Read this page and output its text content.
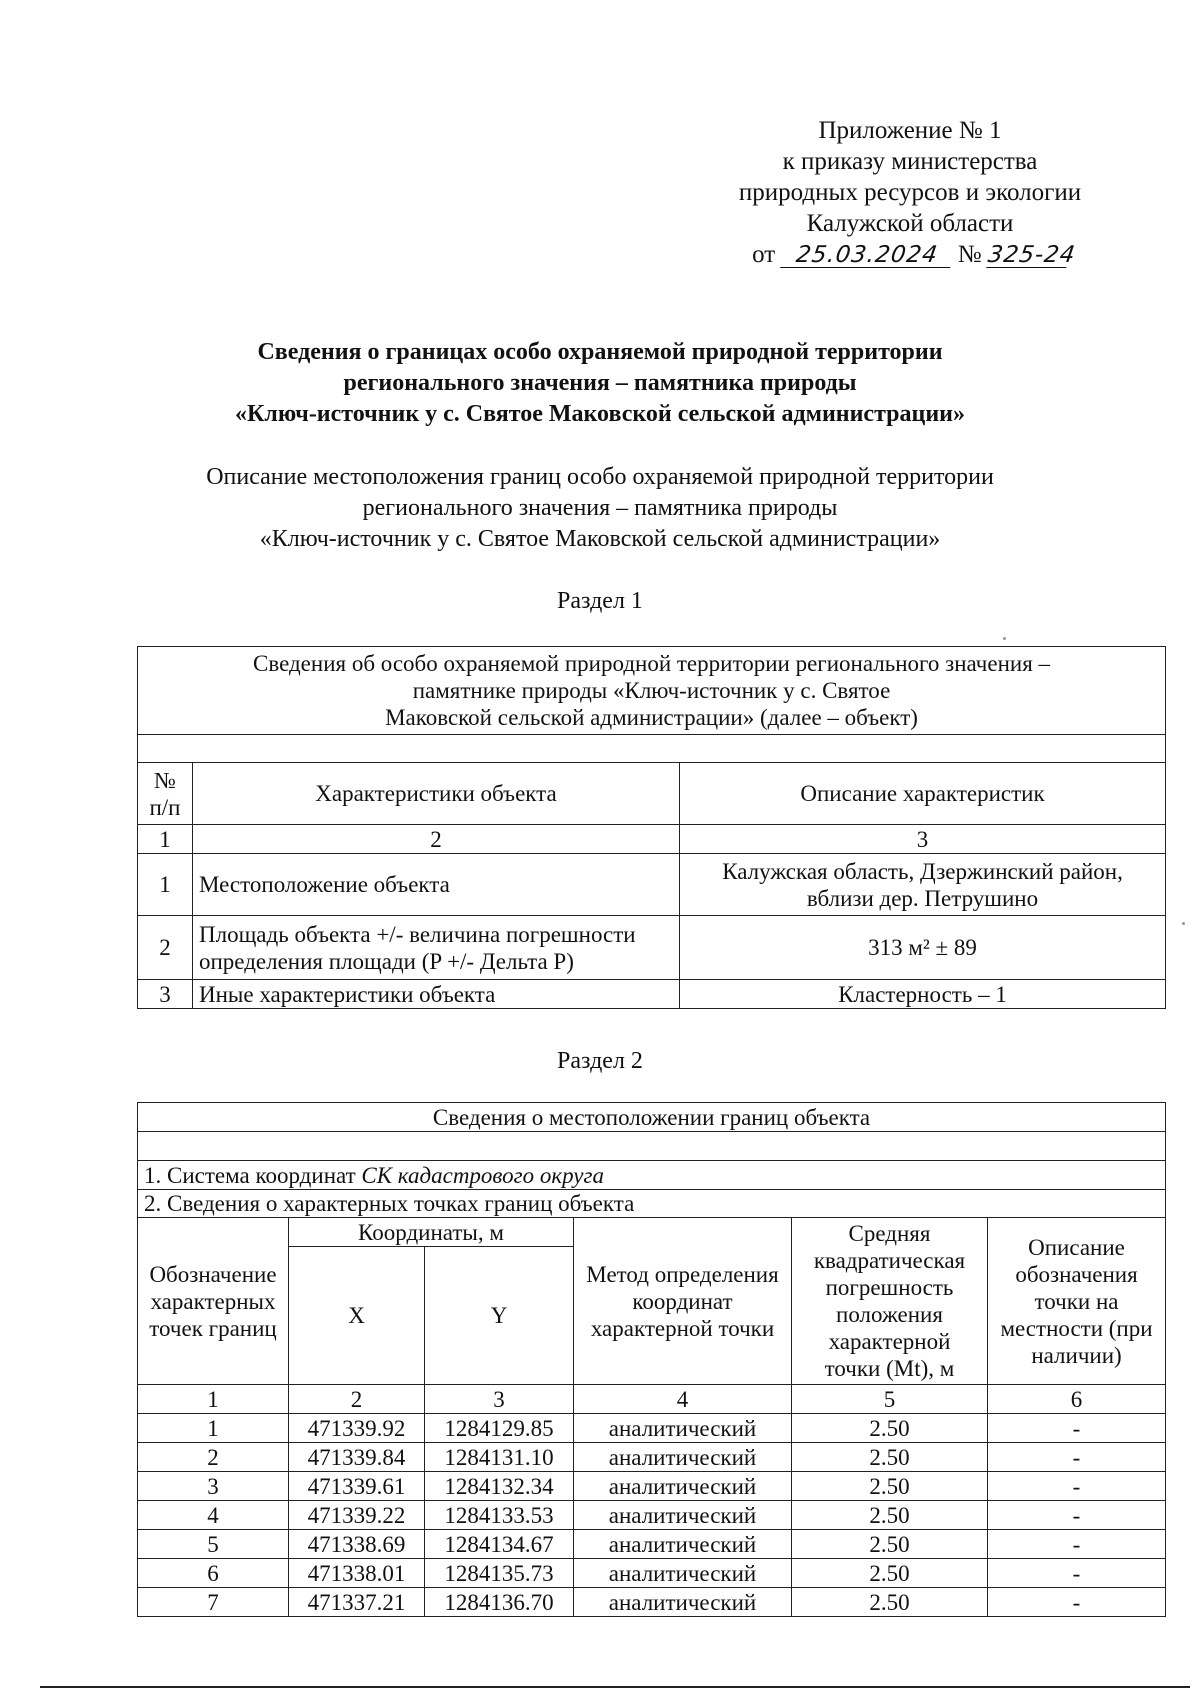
Приложение № 1
к приказу министерства
природных ресурсов и экологии
Калужской области
от 25.03.2024 № 325-24
Сведения о границах особо охраняемой природной территории
регионального значения – памятника природы
«Ключ-источник у с. Святое Маковской сельской администрации»
Описание местоположения границ особо охраняемой природной территории
регионального значения – памятника природы
«Ключ-источник у с. Святое Маковской сельской администрации»
Раздел 1
Сведения об особо охраняемой природной территории регионального значения –
памятнике природы «Ключ-источник у с. Святое
Маковской сельской администрации» (далее – объект)		

№ п/п	Характеристики объекта	Описание характеристик
1	2	3
1	Местоположение объекта	Калужская область, Дзержинский район, вблизи дер. Петрушино
2	Площадь объекта +/- величина погрешности определения площади (P +/- Дельта P)	313 м² ± 89
3	Иные характеристики объекта	Кластерность – 1
Раздел 2
Сведения о местоположении границ объекта					

1. Система координат СК кадастрового округа					
2. Сведения о характерных точках границ объекта					
Обозначение характерных точек границ	Координаты, м		Метод определения координат характерной точки	Средняя квадратическая погрешность положения характерной точки (Mt), м	Описание обозначения точки на местности (при наличии)
	X	Y			
1	2	3	4	5	6
1	471339.92	1284129.85	аналитический	2.50	-
2	471339.84	1284131.10	аналитический	2.50	-
3	471339.61	1284132.34	аналитический	2.50	-
4	471339.22	1284133.53	аналитический	2.50	-
5	471338.69	1284134.67	аналитический	2.50	-
6	471338.01	1284135.73	аналитический	2.50	-
7	471337.21	1284136.70	аналитический	2.50	-
